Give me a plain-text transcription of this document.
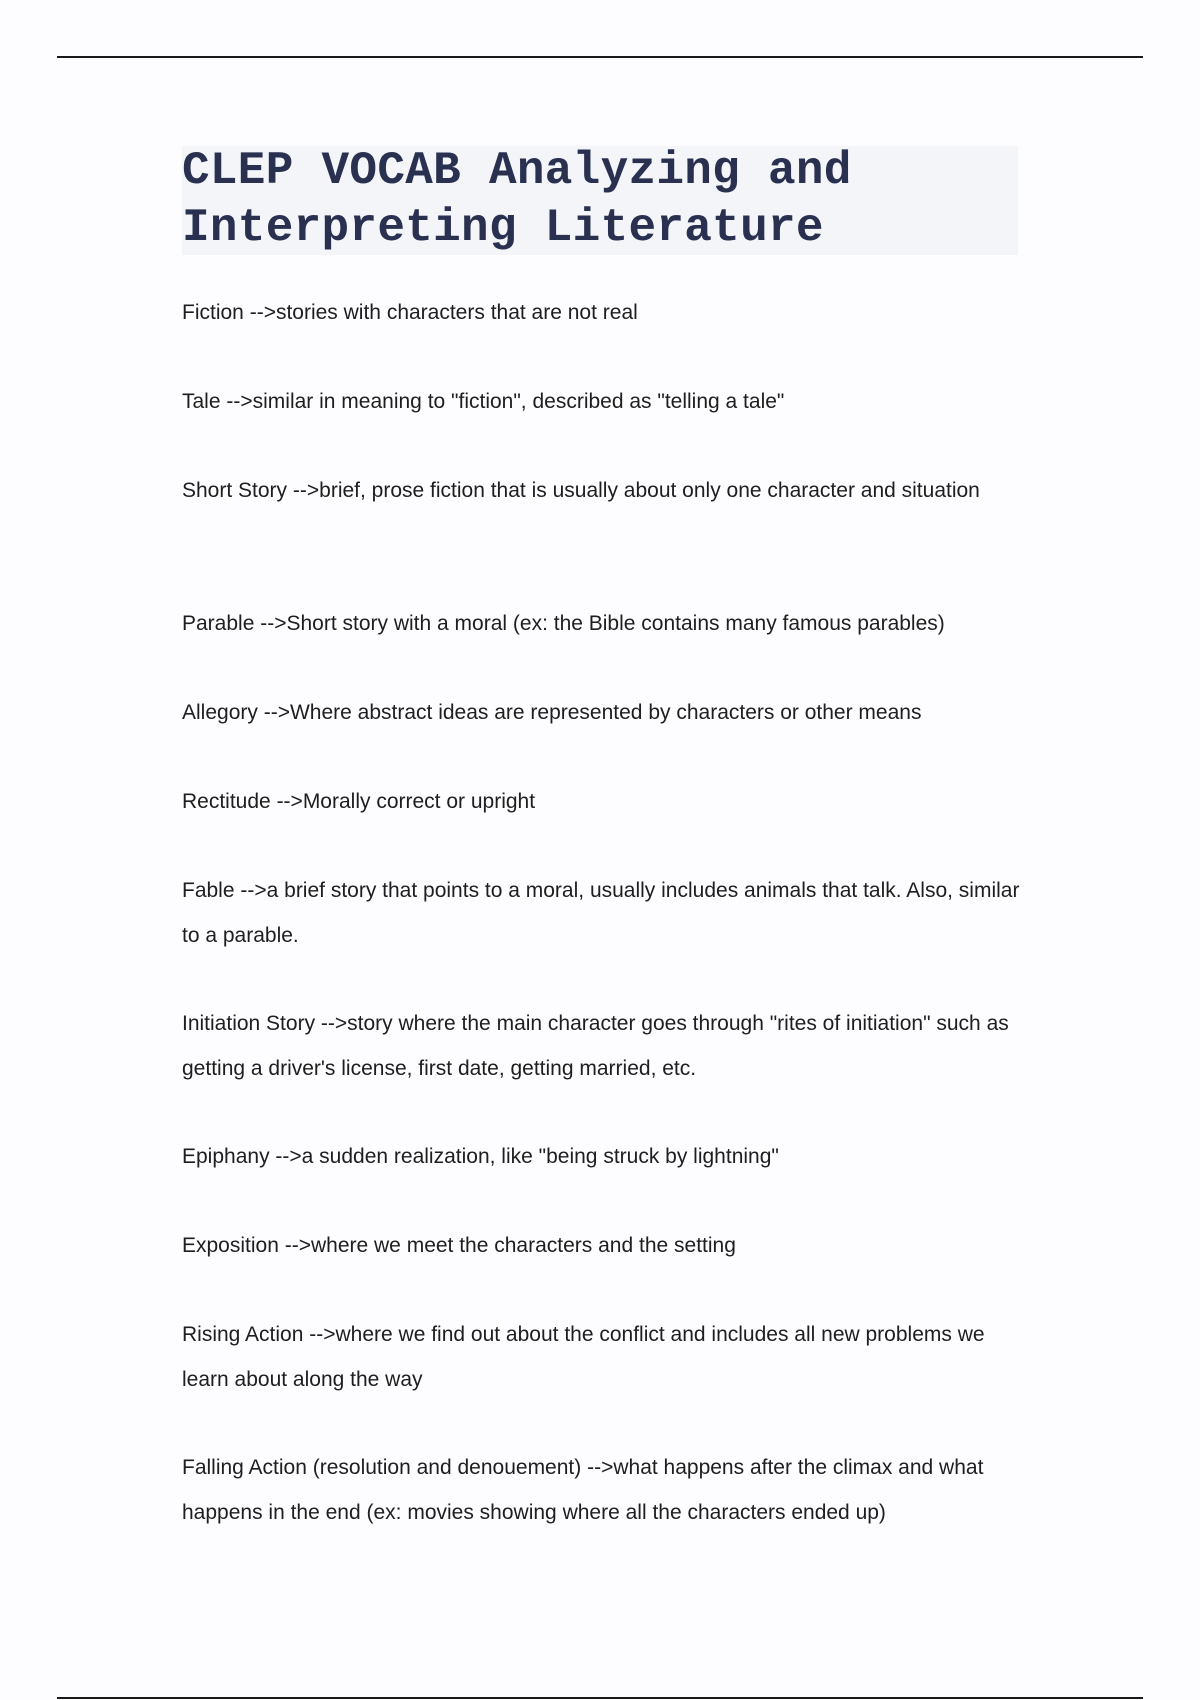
CLEP VOCAB Analyzing and
Interpreting Literature

Fiction -->stories with characters that are not real

Tale -->similar in meaning to "fiction", described as "telling a tale"

Short Story -->brief, prose fiction that is usually about only one character and situation

Parable -->Short story with a moral (ex: the Bible contains many famous parables)

Allegory -->Where abstract ideas are represented by characters or other means

Rectitude -->Morally correct or upright

Fable -->a brief story that points to a moral, usually includes animals that talk. Also, similar to a parable.

Initiation Story -->story where the main character goes through "rites of initiation" such as getting a driver's license, first date, getting married, etc.

Epiphany -->a sudden realization, like "being struck by lightning"

Exposition -->where we meet the characters and the setting

Rising Action -->where we find out about the conflict and includes all new problems we learn about along the way

Falling Action (resolution and denouement) -->what happens after the climax and what happens in the end (ex: movies showing where all the characters ended up)
